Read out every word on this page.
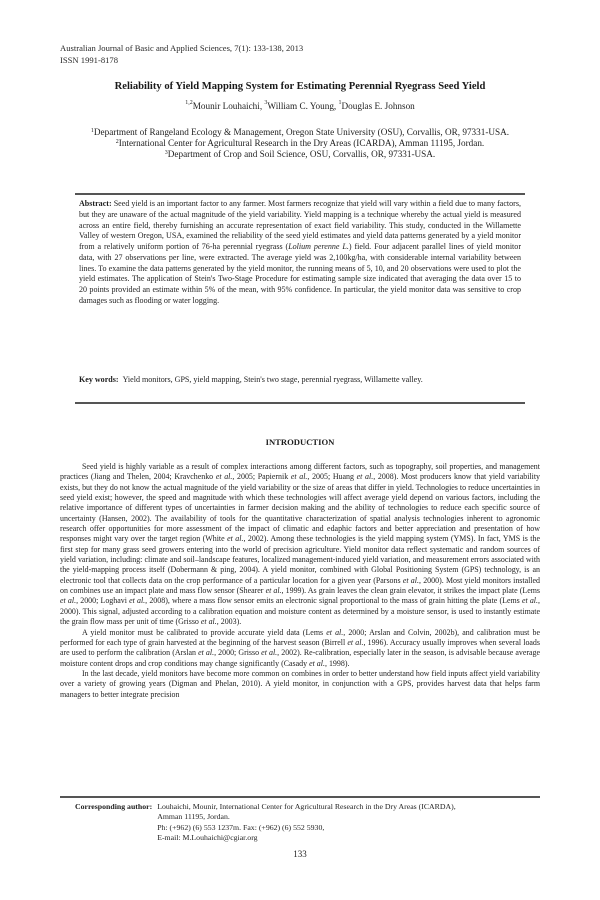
Australian Journal of Basic and Applied Sciences, 7(1): 133-138, 2013
ISSN 1991-8178
Reliability of Yield Mapping System for Estimating Perennial Ryegrass Seed Yield
$^{1,2}$Mounir Louhaichi, $^3$William C. Young, $^1$Douglas E. Johnson
$^1$Department of Rangeland Ecology & Management, Oregon State University (OSU), Corvallis, OR, 97331-USA.
$^2$International Center for Agricultural Research in the Dry Areas (ICARDA), Amman 11195, Jordan.
$^3$Department of Crop and Soil Science, OSU, Corvallis, OR, 97331-USA.
Abstract: Seed yield is an important factor to any farmer. Most farmers recognize that yield will vary within a field due to many factors, but they are unaware of the actual magnitude of the yield variability. Yield mapping is a technique whereby the actual yield is measured across an entire field, thereby furnishing an accurate representation of exact field variability. This study, conducted in the Willamette Valley of western Oregon, USA, examined the reliability of the seed yield estimates and yield data patterns generated by a yield monitor from a relatively uniform portion of 76-ha perennial ryegrass (Lolium perenne L.) field. Four adjacent parallel lines of yield monitor data, with 27 observations per line, were extracted. The average yield was 2,100kg/ha, with considerable internal variability between lines. To examine the data patterns generated by the yield monitor, the running means of 5, 10, and 20 observations were used to plot the yield estimates. The application of Stein's Two-Stage Procedure for estimating sample size indicated that averaging the data over 15 to 20 points provided an estimate within 5% of the mean, with 95% confidence. In particular, the yield monitor data was sensitive to crop damages such as flooding or water logging.
Key words: Yield monitors, GPS, yield mapping, Stein's two stage, perennial ryegrass, Willamette valley.
INTRODUCTION

Seed yield is highly variable as a result of complex interactions among different factors, such as topography, soil properties, and management practices (Jiang and Thelen, 2004; Kravchenko et al., 2005; Papiernik et al., 2005; Huang et al., 2008). Most producers know that yield variability exists, but they do not know the actual magnitude of the yield variability or the size of areas that differ in yield. Technologies to reduce uncertainties in seed yield exist; however, the speed and magnitude with which these technologies will affect average yield depend on various factors, including the relative importance of different types of uncertainties in farmer decision making and the ability of technologies to reduce each specific source of uncertainty (Hansen, 2002). The availability of tools for the quantitative characterization of spatial analysis technologies inherent to agronomic research offer opportunities for more assessment of the impact of climatic and edaphic factors and better appreciation and presentation of how responses might vary over the target region (White et al., 2002). Among these technologies is the yield mapping system (YMS). In fact, YMS is the first step for many grass seed growers entering into the world of precision agriculture. Yield monitor data reflect systematic and random sources of yield variation, including: climate and soil–landscape features, localized management-induced yield variation, and measurement errors associated with the yield-mapping process itself (Dobermann & ping, 2004). A yield monitor, combined with Global Positioning System (GPS) technology, is an electronic tool that collects data on the crop performance of a particular location for a given year (Parsons et al., 2000). Most yield monitors installed on combines use an impact plate and mass flow sensor (Shearer et al., 1999). As grain leaves the clean grain elevator, it strikes the impact plate (Lems et al., 2000; Loghavi et al., 2008), where a mass flow sensor emits an electronic signal proportional to the mass of grain hitting the plate (Lems et al., 2000). This signal, adjusted according to a calibration equation and moisture content as determined by a moisture sensor, is used to instantly estimate the grain flow mass per unit of time (Grisso et al., 2003).

A yield monitor must be calibrated to provide accurate yield data (Lems et al., 2000; Arslan and Colvin, 2002b), and calibration must be performed for each type of grain harvested at the beginning of the harvest season (Birrell et al., 1996). Accuracy usually improves when several loads are used to perform the calibration (Arslan et al., 2000; Grisso et al., 2002). Re-calibration, especially later in the season, is advisable because average moisture content drops and crop conditions may change significantly (Casady et al., 1998).

In the last decade, yield monitors have become more common on combines in order to better understand how field inputs affect yield variability over a variety of growing years (Digman and Phelan, 2010). A yield monitor, in conjunction with a GPS, provides harvest data that helps farm managers to better integrate precision

Corresponding author: Louhaichi, Mounir, International Center for Agricultural Research in the Dry Areas (ICARDA),
Amman 11195, Jordan.
Ph: (+962) (6) 553 1237m. Fax: (+962) (6) 552 5930,
E-mail: M.Louhaichi@cgiar.org
133
